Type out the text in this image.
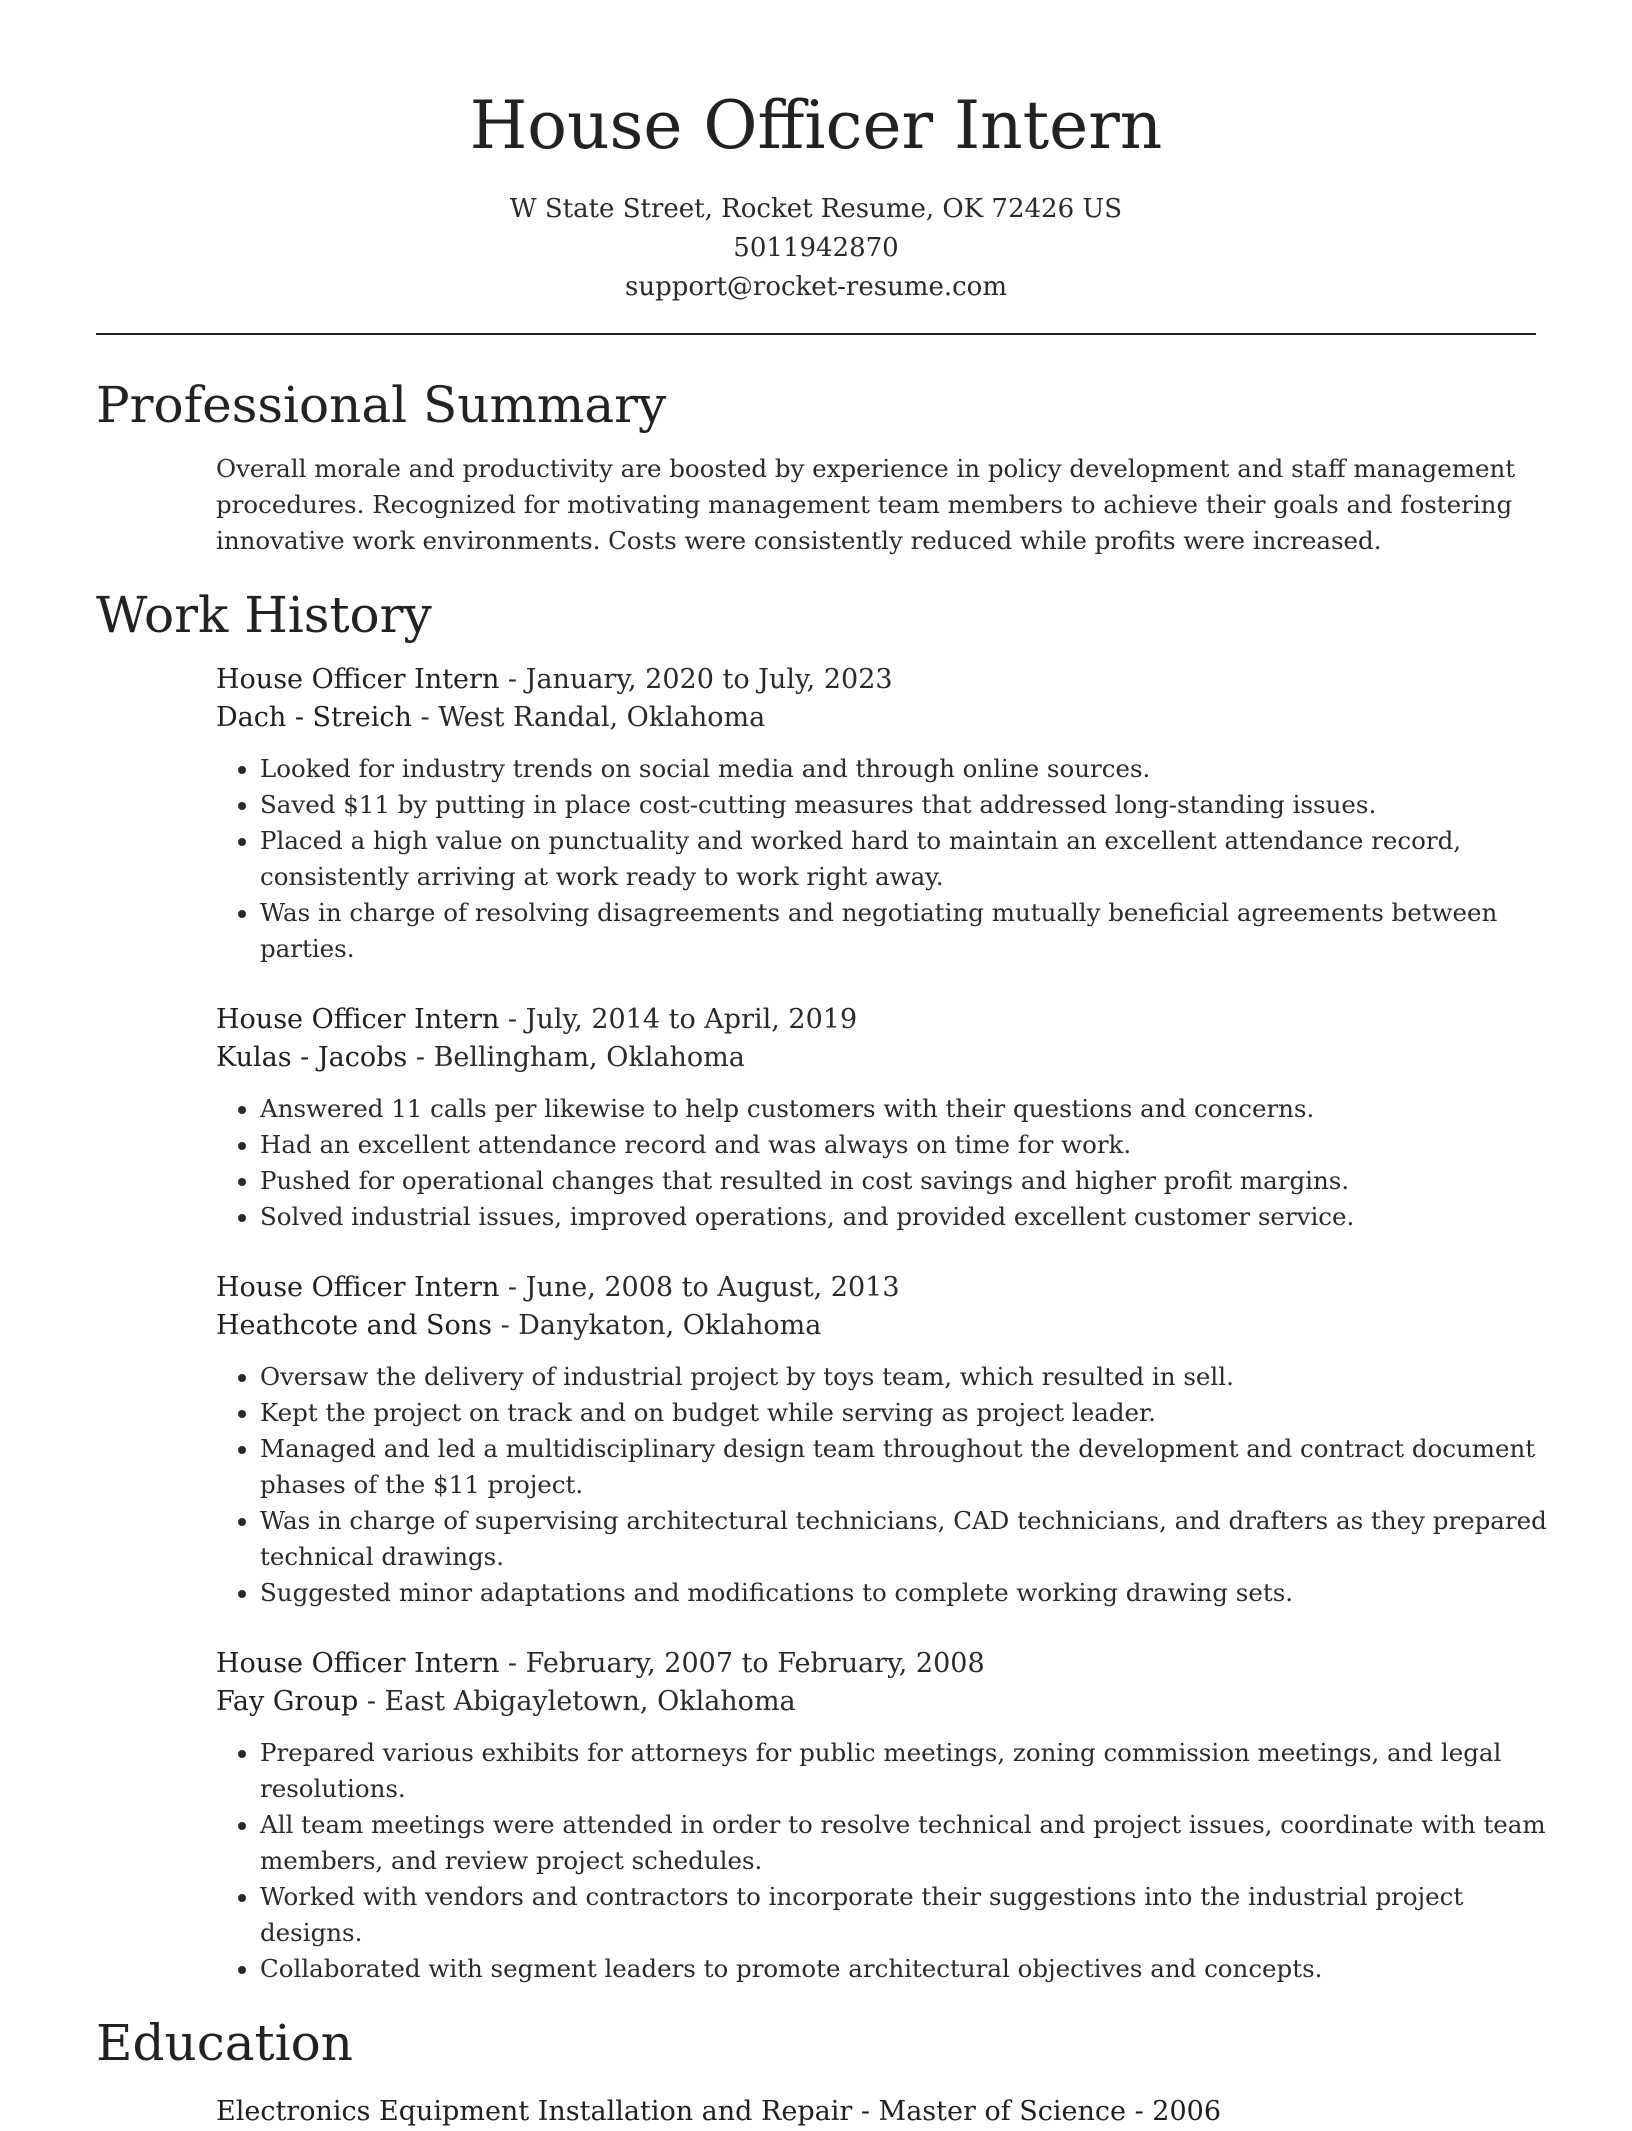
House Officer Intern
W State Street, Rocket Resume, OK 72426 US
5011942870
support@rocket-resume.com
Professional Summary

Overall morale and productivity are boosted by experience in policy development and staff management procedures. Recognized for motivating management team members to achieve their goals and fostering innovative work environments. Costs were consistently reduced while profits were increased.

Work History
House Officer Intern - January, 2020 to July, 2023
Dach - Streich - West Randal, Oklahoma
• Looked for industry trends on social media and through online sources.
• Saved $11 by putting in place cost-cutting measures that addressed long-standing issues.
• Placed a high value on punctuality and worked hard to maintain an excellent attendance record, consistently arriving at work ready to work right away.
• Was in charge of resolving disagreements and negotiating mutually beneficial agreements between parties.
House Officer Intern - July, 2014 to April, 2019
Kulas - Jacobs - Bellingham, Oklahoma
• Answered 11 calls per likewise to help customers with their questions and concerns.
• Had an excellent attendance record and was always on time for work.
• Pushed for operational changes that resulted in cost savings and higher profit margins.
• Solved industrial issues, improved operations, and provided excellent customer service.
House Officer Intern - June, 2008 to August, 2013
Heathcote and Sons - Danykaton, Oklahoma
• Oversaw the delivery of industrial project by toys team, which resulted in sell.
• Kept the project on track and on budget while serving as project leader.
• Managed and led a multidisciplinary design team throughout the development and contract document phases of the $11 project.
• Was in charge of supervising architectural technicians, CAD technicians, and drafters as they prepared technical drawings.
• Suggested minor adaptations and modifications to complete working drawing sets.
House Officer Intern - February, 2007 to February, 2008
Fay Group - East Abigayletown, Oklahoma
• Prepared various exhibits for attorneys for public meetings, zoning commission meetings, and legal resolutions.
• All team meetings were attended in order to resolve technical and project issues, coordinate with team members, and review project schedules.
• Worked with vendors and contractors to incorporate their suggestions into the industrial project designs.
• Collaborated with segment leaders to promote architectural objectives and concepts.
Education
Electronics Equipment Installation and Repair - Master of Science - 2006
